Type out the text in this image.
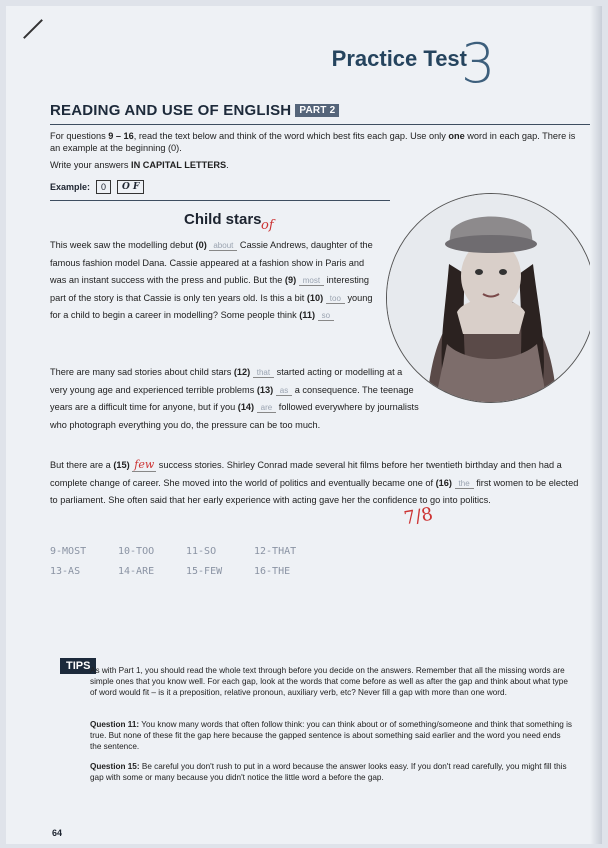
Practice Test
3
READING AND USE OF ENGLISH PART 2
For questions 9 – 16, read the text below and think of the word which best fits each gap. Use only one word in each gap. There is an example at the beginning (0).
Write your answers IN CAPITAL LETTERS.
Example:	0	O F
Child stars of
This week saw the modelling debut (0) about Cassie Andrews, daughter of the famous fashion model Dana. Cassie appeared at a fashion show in Paris and was an instant success with the press and public. But the (9) most interesting part of the story is that Cassie is only ten years old. Is this a bit (10) too young for a child to begin a career in modelling? Some people think (11) so
There are many sad stories about child stars (12) that started acting or modelling at a very young age and experienced terrible problems (13) as a consequence. The teenage years are a difficult time for anyone, but if you (14) are followed everywhere by journalists who photograph everything you do, the pressure can be too much.
But there are a (15) few success stories. Shirley Conrad made several hit films before her twentieth birthday and then had a complete change of career. She moved into the world of politics and eventually became one of (16) the first women to be elected to parliament. She often said that her early experience with acting gave her the confidence to go into politics.
7/8
9-MOST	10-TOO	11-SO	12-THAT
13-AS	14-ARE	15-FEW	16-THE
TIPS As with Part 1, you should read the whole text through before you decide on the answers. Remember that all the missing words are simple ones that you know well. For each gap, look at the words that come before as well as after the gap and think about what type of word would fit – is it a preposition, relative pronoun, auxiliary verb, etc? Never fill a gap with more than one word.
Question 11: You know many words that often follow think: you can think about or of something/someone and think that something is true. But none of these fit the gap here because the gapped sentence is about something said earlier and the word you need ends the sentence.
Question 15: Be careful you don't rush to put in a word because the answer looks easy. If you don't read carefully, you might fill this gap with some or many because you didn't notice the little word a before the gap.
64
